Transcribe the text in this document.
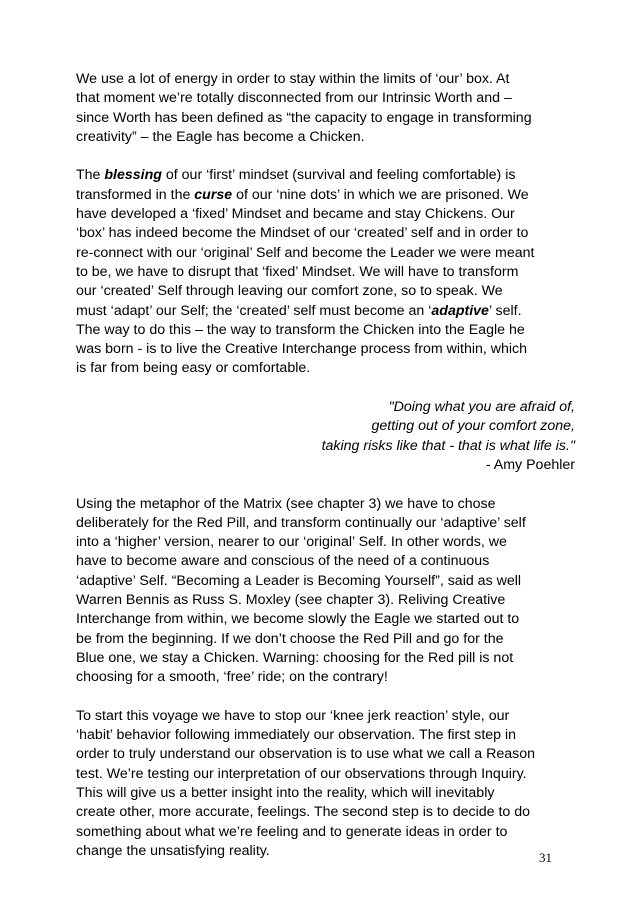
We use a lot of energy in order to stay within the limits of ‘our’ box. At
that moment we’re totally disconnected from our Intrinsic Worth and –
since Worth has been defined as “the capacity to engage in transforming
creativity” – the Eagle has become a Chicken.

The blessing of our ‘first’ mindset (survival and feeling comfortable) is
transformed in the curse of our ‘nine dots’ in which we are prisoned. We
have developed a ‘fixed’ Mindset and became and stay Chickens. Our
‘box’ has indeed become the Mindset of our ‘created’ self and in order to
re-connect with our ‘original’ Self and become the Leader we were meant
to be, we have to disrupt that ‘fixed’ Mindset. We will have to transform
our ‘created’ Self through leaving our comfort zone, so to speak. We
must ‘adapt’ our Self; the ‘created’ self must become an ‘adaptive’ self.
The way to do this – the way to transform the Chicken into the Eagle he
was born - is to live the Creative Interchange process from within, which
is far from being easy or comfortable.

"Doing what you are afraid of,
getting out of your comfort zone,
taking risks like that - that is what life is."
- Amy Poehler

Using the metaphor of the Matrix (see chapter 3) we have to chose
deliberately for the Red Pill, and transform continually our ‘adaptive’ self
into a ‘higher’ version, nearer to our ‘original’ Self. In other words, we
have to become aware and conscious of the need of a continuous
‘adaptive’ Self. “Becoming a Leader is Becoming Yourself”, said as well
Warren Bennis as Russ S. Moxley (see chapter 3). Reliving Creative
Interchange from within, we become slowly the Eagle we started out to
be from the beginning. If we don’t choose the Red Pill and go for the
Blue one, we stay a Chicken. Warning: choosing for the Red pill is not
choosing for a smooth, ‘free’ ride; on the contrary!

To start this voyage we have to stop our ‘knee jerk reaction’ style, our
‘habit’ behavior following immediately our observation. The first step in
order to truly understand our observation is to use what we call a Reason
test. We’re testing our interpretation of our observations through Inquiry.
This will give us a better insight into the reality, which will inevitably
create other, more accurate, feelings. The second step is to decide to do
something about what we’re feeling and to generate ideas in order to
change the unsatisfying reality.	31
